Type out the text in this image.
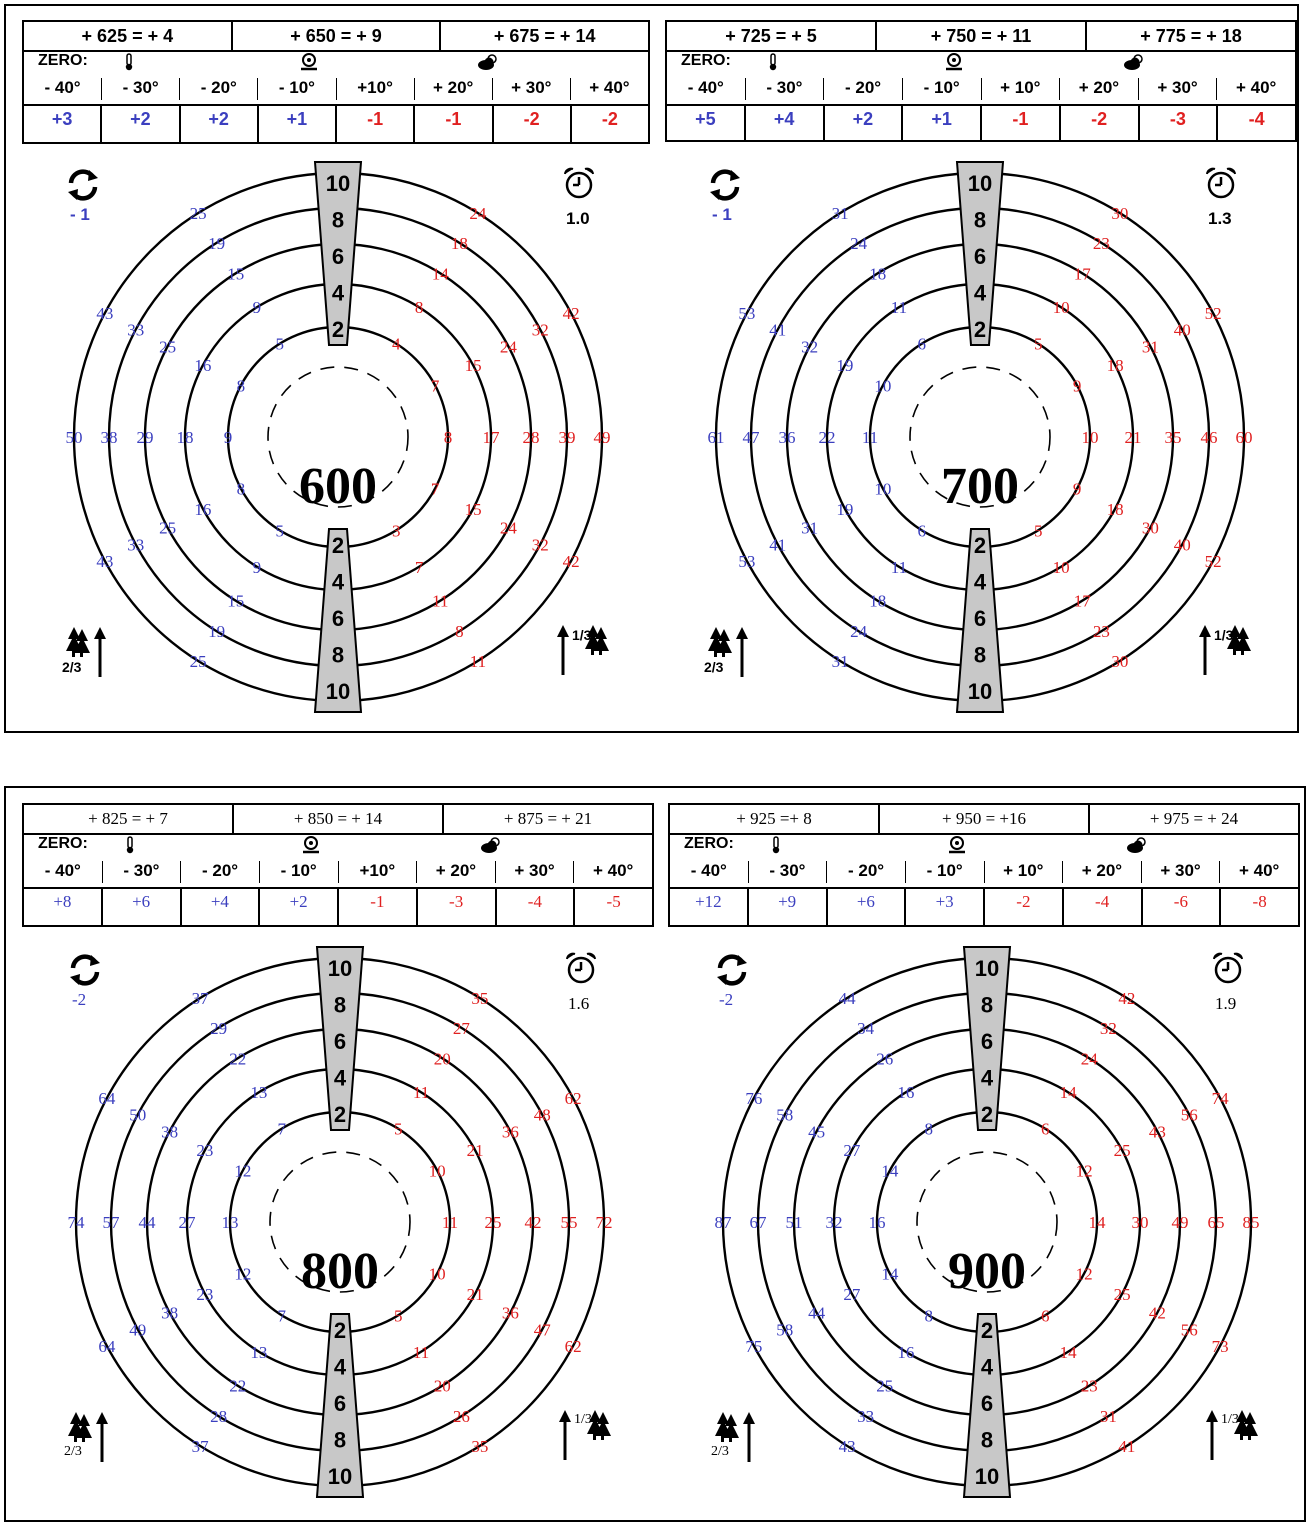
+ 625 = + 4	+ 650 = + 9	+ 675 = + 14
ZERO:
- 40°	- 30°	- 20°	- 10°	+10°	+ 20°	+ 30°	+ 40°
+3	+2	+2	+1	-1	-1	-2	-2
10
8
6
4
2
2
4
6
8
10
25
19
15
9
5
43
33
25
16
8
50 38 29 18 9
43
33
25
16
8
25
19
15
9
5
24
18
14
8
4
42
32
24
15
7
49
39
28
17
8
42
32
24
15
7
11
8
11
7
3
600
- 1	1.0
2/3
1/3
+ 725 = + 5	+ 750 = + 11	+ 775 = + 18
ZERO:
- 40°	- 30°	- 20°	- 10°	+ 10°	+ 20°	+ 30°	+ 40°
+5	+4	+2	+1	-1	-2	-3	-4
10
8
6
4
2
2
4
6
8
10
31
24
18
11
6
53
41
32
19
10
61 47 36 22 11
53
41
31
19
10
31
24
18
11
6
30
23
17
10
5
52
40
31
18
9
60
46
35
21
10
52
40
30
18
9
30
23
17
10
5
700
- 1	1.3
2/3
1/3
+ 825 = + 7	+ 850 = + 14	+ 875 = + 21
ZERO:
- 40°	- 30°	- 20°	- 10°	+10°	+ 20°	+ 30°	+ 40°
+8	+6	+4	+2	-1	-3	-4	-5
10
8
6
4
2
2
4
6
8
10
37
29
22
13
7
64
50
38
23
12
74 57 44 27 13
64
49
38
23
12
37
28
22
13
7
35
27
20
11
5
62
48
36
21
10
72
55
42
25
11
62
47
36
21
10
35
26
20
11
5
800
-2	1.6
2/3
1/3
+ 925 =+ 8	+ 950 = +16	+ 975 = + 24
ZERO:
- 40°	- 30°	- 20°	- 10°	+ 10°	+ 20°	+ 30°	+ 40°
+12	+9	+6	+3	-2	-4	-6	-8
10
8
6
4
2
2
4
6
8
10
44
34
26
16
8
76
58
45
27
14
87 67 51 32 16
75
58
44
27
14
43
33
25
16
8
42
32
24
14
6
74
56
43
25
12
85
65
49
30
14
73
56
42
25
12
41
31
23
14
6
900
-2	1.9
2/3
1/3
